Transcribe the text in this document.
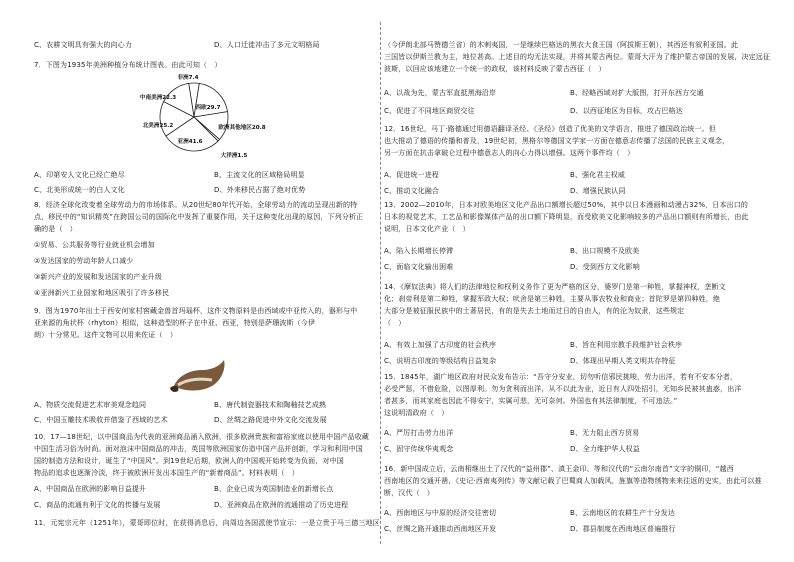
C、农耕文明具有强大的向心力
7．下图为1935年美洲种植分布统计图表。由此可知（　）
A、印第安人文化已经亡绝尽
C、北美形成统一的白人文化
8．经济全球化改变着全球劳动力的市场体系。从20世纪80年代开始，全球劳动力的流动呈现出新的特
点，移民中的“知识精英”在跨国公司的国际化中发挥了重要作用，关于这种变化出现的原因，下列分析正
确的是（　）
①贸易、公共服务等行业就业机会增加
②发达国家的劳动年龄人口减少
③新兴产业的发展和发达国家的产业升级
④亚洲新兴工业国家和地区吸引了许多移民
9．图为1970年出土于西安何家村窖藏金兽首玛瑙杯，这件文物原料是由西域或中亚传入的，器形与中
亚来源的角状杯（rhyton）相似，这种造型的杯子在中亚、西亚，特别是萨珊波斯（今伊
朗）十分常见。这件文物可以用来佐证（　）
A、物质交流促进艺术审美观念趋同
C、中国玉雕技术吸收并借鉴了西域的艺术
10．17—18世纪，以中国商品为代表的亚洲商品涌入欧洲，很多欧洲贵族和富裕家庭以使用中国产品收藏
中国生活习俗为时尚。面对泡沫中国商品的冲击，英国等欧洲国家仿造中国产品并创新，学习和利用中国
国的制造方法和设计，诞生了“中国风”。到19世纪后期，欧洲人的中国观开始转变为负面，对中国
物品的追求也逐渐冷淡，终于被欧洲开发出本国生产的“新着商品”。材料表明（　）
A、中国商品在欧洲的影响日益提升
C、商品的流通有利于文化的传播与发展
11．元宪宗元年（1251年），蒙哥即位时，在获得消息后，向周边各国派使节宣示：一是立贵于马三德三地区
D、人口迁徙冲击了多元文明格局
B、主流文化的区域格局明显
D、外来移民占据了绝对优势
B、唐代制瓷器技术和陶釉技艺成熟
D、丝绸之路促进中外文化交流发展
B、企业已成为英国制造业的新增长点
D、亚洲商品在欧洲的流通推动了历史进程
（今伊朗北部马赞德兰省）的木剌夷国，一是继续巴格达的黑衣大食王国（阿拔斯王朝），其西还有叙利亚国。此
三国皆以伊斯兰教为主，地位甚高。上述目的均无法实现，并将其蒙古两位。蒙哥大汗为了维护蒙古帝国的发展，决定远征
波斯，以回应该地建立一个统一的政权，该材料反映了蒙古西征（　）
A、以战为先，蒙古军直抵黑海沿岸
C、促进了不同地区商贸交往
12．16世纪，马丁·路德通过用德语翻译圣经、《圣经》创造了优美的文学语言，推进了德国政治统一。但
也大推动了德语的传播和普及，19世纪初，黑格尔等德国文学家一方面在德意志传播了法国的民族主义观念，
另一方面在抗击拿破仑过程中德意志人的向心力得以增强。这两个事件均（　）
A、促进统一进程
C、推动文化融合
13．2002—2010年，日本对欧美地区文化产品出口额增长超过50%，其中以日本漫画和动漫占32%，日本出口的
日本的视觉艺术，工艺品和影像媒体产品的出口额下降明显，而受欧美文化影响较多的产品出口额则有所增长，由此
说明，日本文化产业（　）
A、陷入长期增长停滞
C、面临文化输出困难
14．《摩奴法典》将人们的法律地位和权利义务作了更为严格的区分，婆罗门是第一种姓，掌握神权，垄断文
化；刹帝利是第二种姓，掌握军政大权；吠舍是第三种姓，主要从事农牧业和商业；首陀罗是第四种姓，绝
大部分是被征服民族中的土著居民，有的是失去土地而过日的自由人，有的沦为奴隶，这些规定
（　）
A、有效上加强了古印度的社会秩序
C、说明古印度的等级结构日益复杂
15．1845年，湖广地区政府对民众发布告示：“吾守分安业，切勿听信邪民挑唆，劳力出洋，若有不安本分者，
必受严惩，不惜危险，以图厚利。勿为贪利而出洋，从不以此为业，近日有人四处招引，无知乡民被其蛊惑，出洋
者甚多，而其家庭也因此不得安宁，实属可悲，无可奈何。外国也有其法律制度，不可违法。”
这说明清政府（　）
A、严厉打击劳力出洋
C、固守传统华夷观念
16．新中国成立后，云南相继出土了汉代的“益州郡”、滇王金印、等和汉代的“云南尔南首”文字的铜印，“越西
西南地区的交通开凿，《史记·西南夷列传》等文献记载了巴蜀商人加载风，旌旗等造物绣物来来往返的史实，由此可以推
断，汉代（　）
A、西南地区与中原的经济交往密切
C、丝绸之路开通推动西南地区开发
B、经略西域对扩大版图，打开东西方交通
D、以西征地区为目标，攻占巴格达
B、强化君主权威
D、增强民族认同
B、出口规模不及欧美
D、受到西方文化影响
B、旨在利用宗教手段维护社会秩序
D、体现出早期人类文明共存特征
B、无力阻止西方贸易
D、全力维护华人权益
B、云南地区的农耕生产十分发达
D、郡县制度在西南地区普遍推行
非洲7.4
西欧29.7
欧洲其他地区20.8
大洋洲1.5
亚洲41.6
北美洲25.2
中南美洲22.3
